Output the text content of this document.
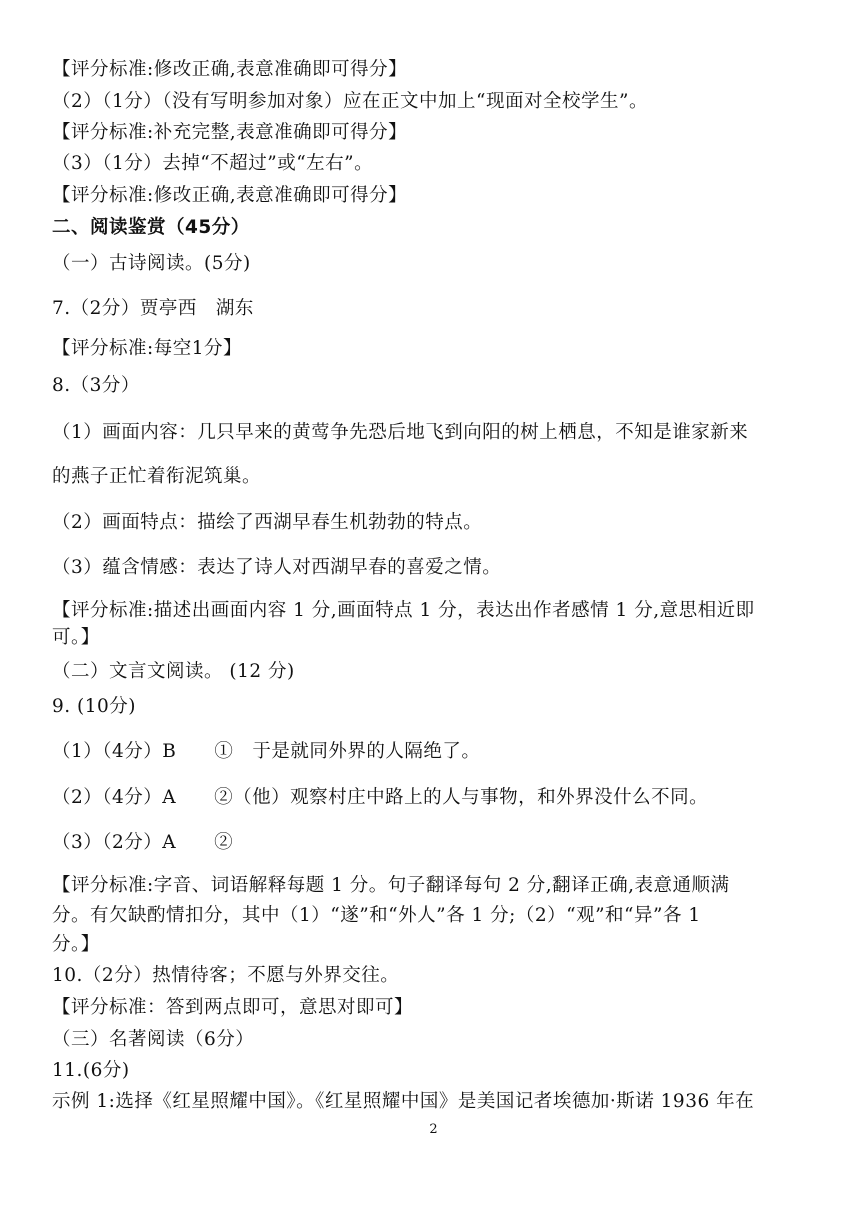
【评分标准:修改正确,表意准确即可得分】
（2）（1分）（没有写明参加对象）应在正文中加上“现面对全校学生”。
【评分标准:补充完整,表意准确即可得分】
（3）（1分）去掉“不超过”或“左右”。
【评分标准:修改正确,表意准确即可得分】
二、阅读鉴赏（45分）
（一）古诗阅读。(5分)
7.（2分）贾亭西　湖东
【评分标准:每空1分】
8.（3分）
（1）画面内容：几只早来的黄莺争先恐后地飞到向阳的树上栖息，不知是谁家新来
的燕子正忙着衔泥筑巢。
（2）画面特点：描绘了西湖早春生机勃勃的特点。
（3）蕴含情感：表达了诗人对西湖早春的喜爱之情。
【评分标准:描述出画面内容 1 分,画面特点 1 分，表达出作者感情 1 分,意思相近即
可。】
（二）文言文阅读。 (12 分)
9. (10分)
（1）（4分）B　　①　于是就同外界的人隔绝了。
（2）（4分）A　　②（他）观察村庄中路上的人与事物，和外界没什么不同。
（3）（2分）A　　②
【评分标准:字音、词语解释每题 1 分。句子翻译每句 2 分,翻译正确,表意通顺满
分。有欠缺酌情扣分，其中（1）“遂”和“外人”各 1 分;（2）“观”和“异”各 1
分。】
10.（2分）热情待客；不愿与外界交往。
【评分标准：答到两点即可，意思对即可】
（三）名著阅读（6分）
11.(6分)
示例 1:选择《红星照耀中国》。《红星照耀中国》是美国记者埃德加·斯诺 1936 年在
2
